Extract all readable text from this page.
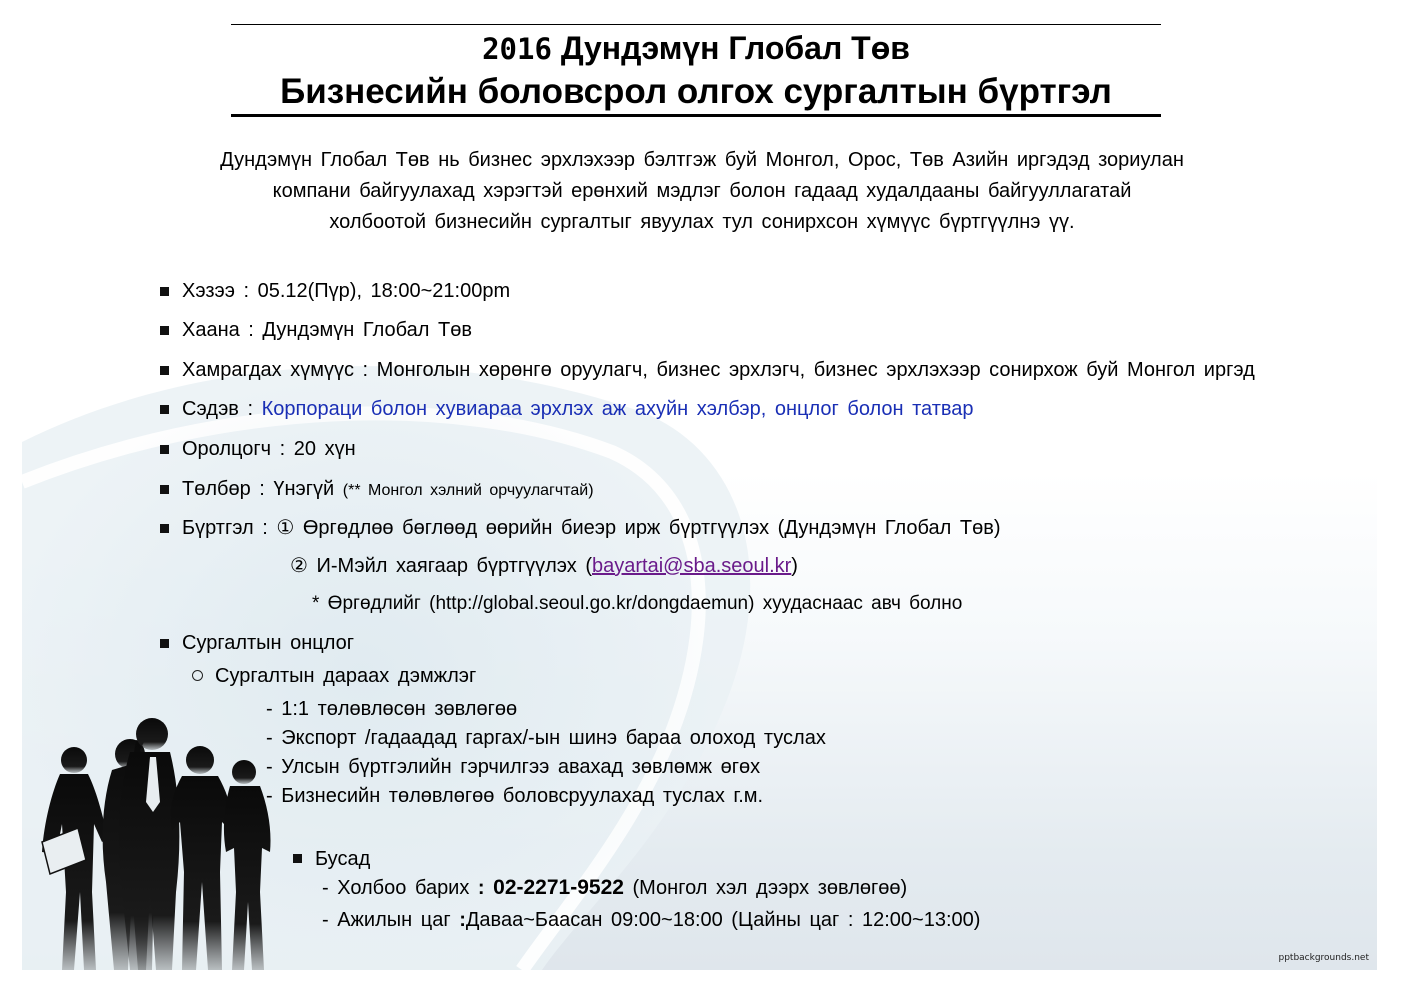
2016 Дундэмүн Глобал Төв
Бизнесийн боловсрол олгох сургалтын бүртгэл
Дундэмүн Глобал Төв нь бизнес эрхлэхээр бэлтгэж буй Монгол, Орос, Төв Азийн иргэдэд зориулан
компани байгуулахад хэрэгтэй ерөнхий мэдлэг болон гадаад худалдааны байгууллагатай
холбоотой бизнесийн сургалтыг явуулах тул сонирхсон хүмүүс бүртгүүлнэ үү.
Хэзээ : 05.12(Пүр), 18:00~21:00pm
Хаана : Дундэмүн Глобал Төв
Хамрагдах хүмүүс : Монголын хөрөнгө оруулагч, бизнес эрхлэгч, бизнес эрхлэхээр сонирхож буй Монгол иргэд
Сэдэв : Корпораци болон хувиараа эрхлэх аж ахуйн хэлбэр, онцлог болон татвар
Оролцогч : 20 хүн
Төлбөр : Үнэгүй (** Монгол хэлний орчуулагчтай)
Бүртгэл : ① Өргөдлөө бөглөөд өөрийн биеэр ирж бүртгүүлэх (Дундэмүн Глобал Төв)
② И-Мэйл хаягаар бүртгүүлэх (bayartai@sba.seoul.kr)
* Өргөдлийг (http://global.seoul.go.kr/dongdaemun) хуудаснаас авч болно
Сургалтын онцлог
Сургалтын дараах дэмжлэг
- 1:1 төлөвлөсөн зөвлөгөө
- Экспорт /гадаадад гаргах/-ын шинэ бараа олоход туслах
- Улсын бүртгэлийн гэрчилгээ авахад зөвлөмж өгөх
- Бизнесийн төлөвлөгөө боловсруулахад туслах г.м.
Бусад
- Холбоо барих : 02-2271-9522 (Монгол хэл дээрх зөвлөгөө)
- Ажилын цаг :Даваа~Баасан 09:00~18:00 (Цайны цаг : 12:00~13:00)
pptbackgrounds.net
